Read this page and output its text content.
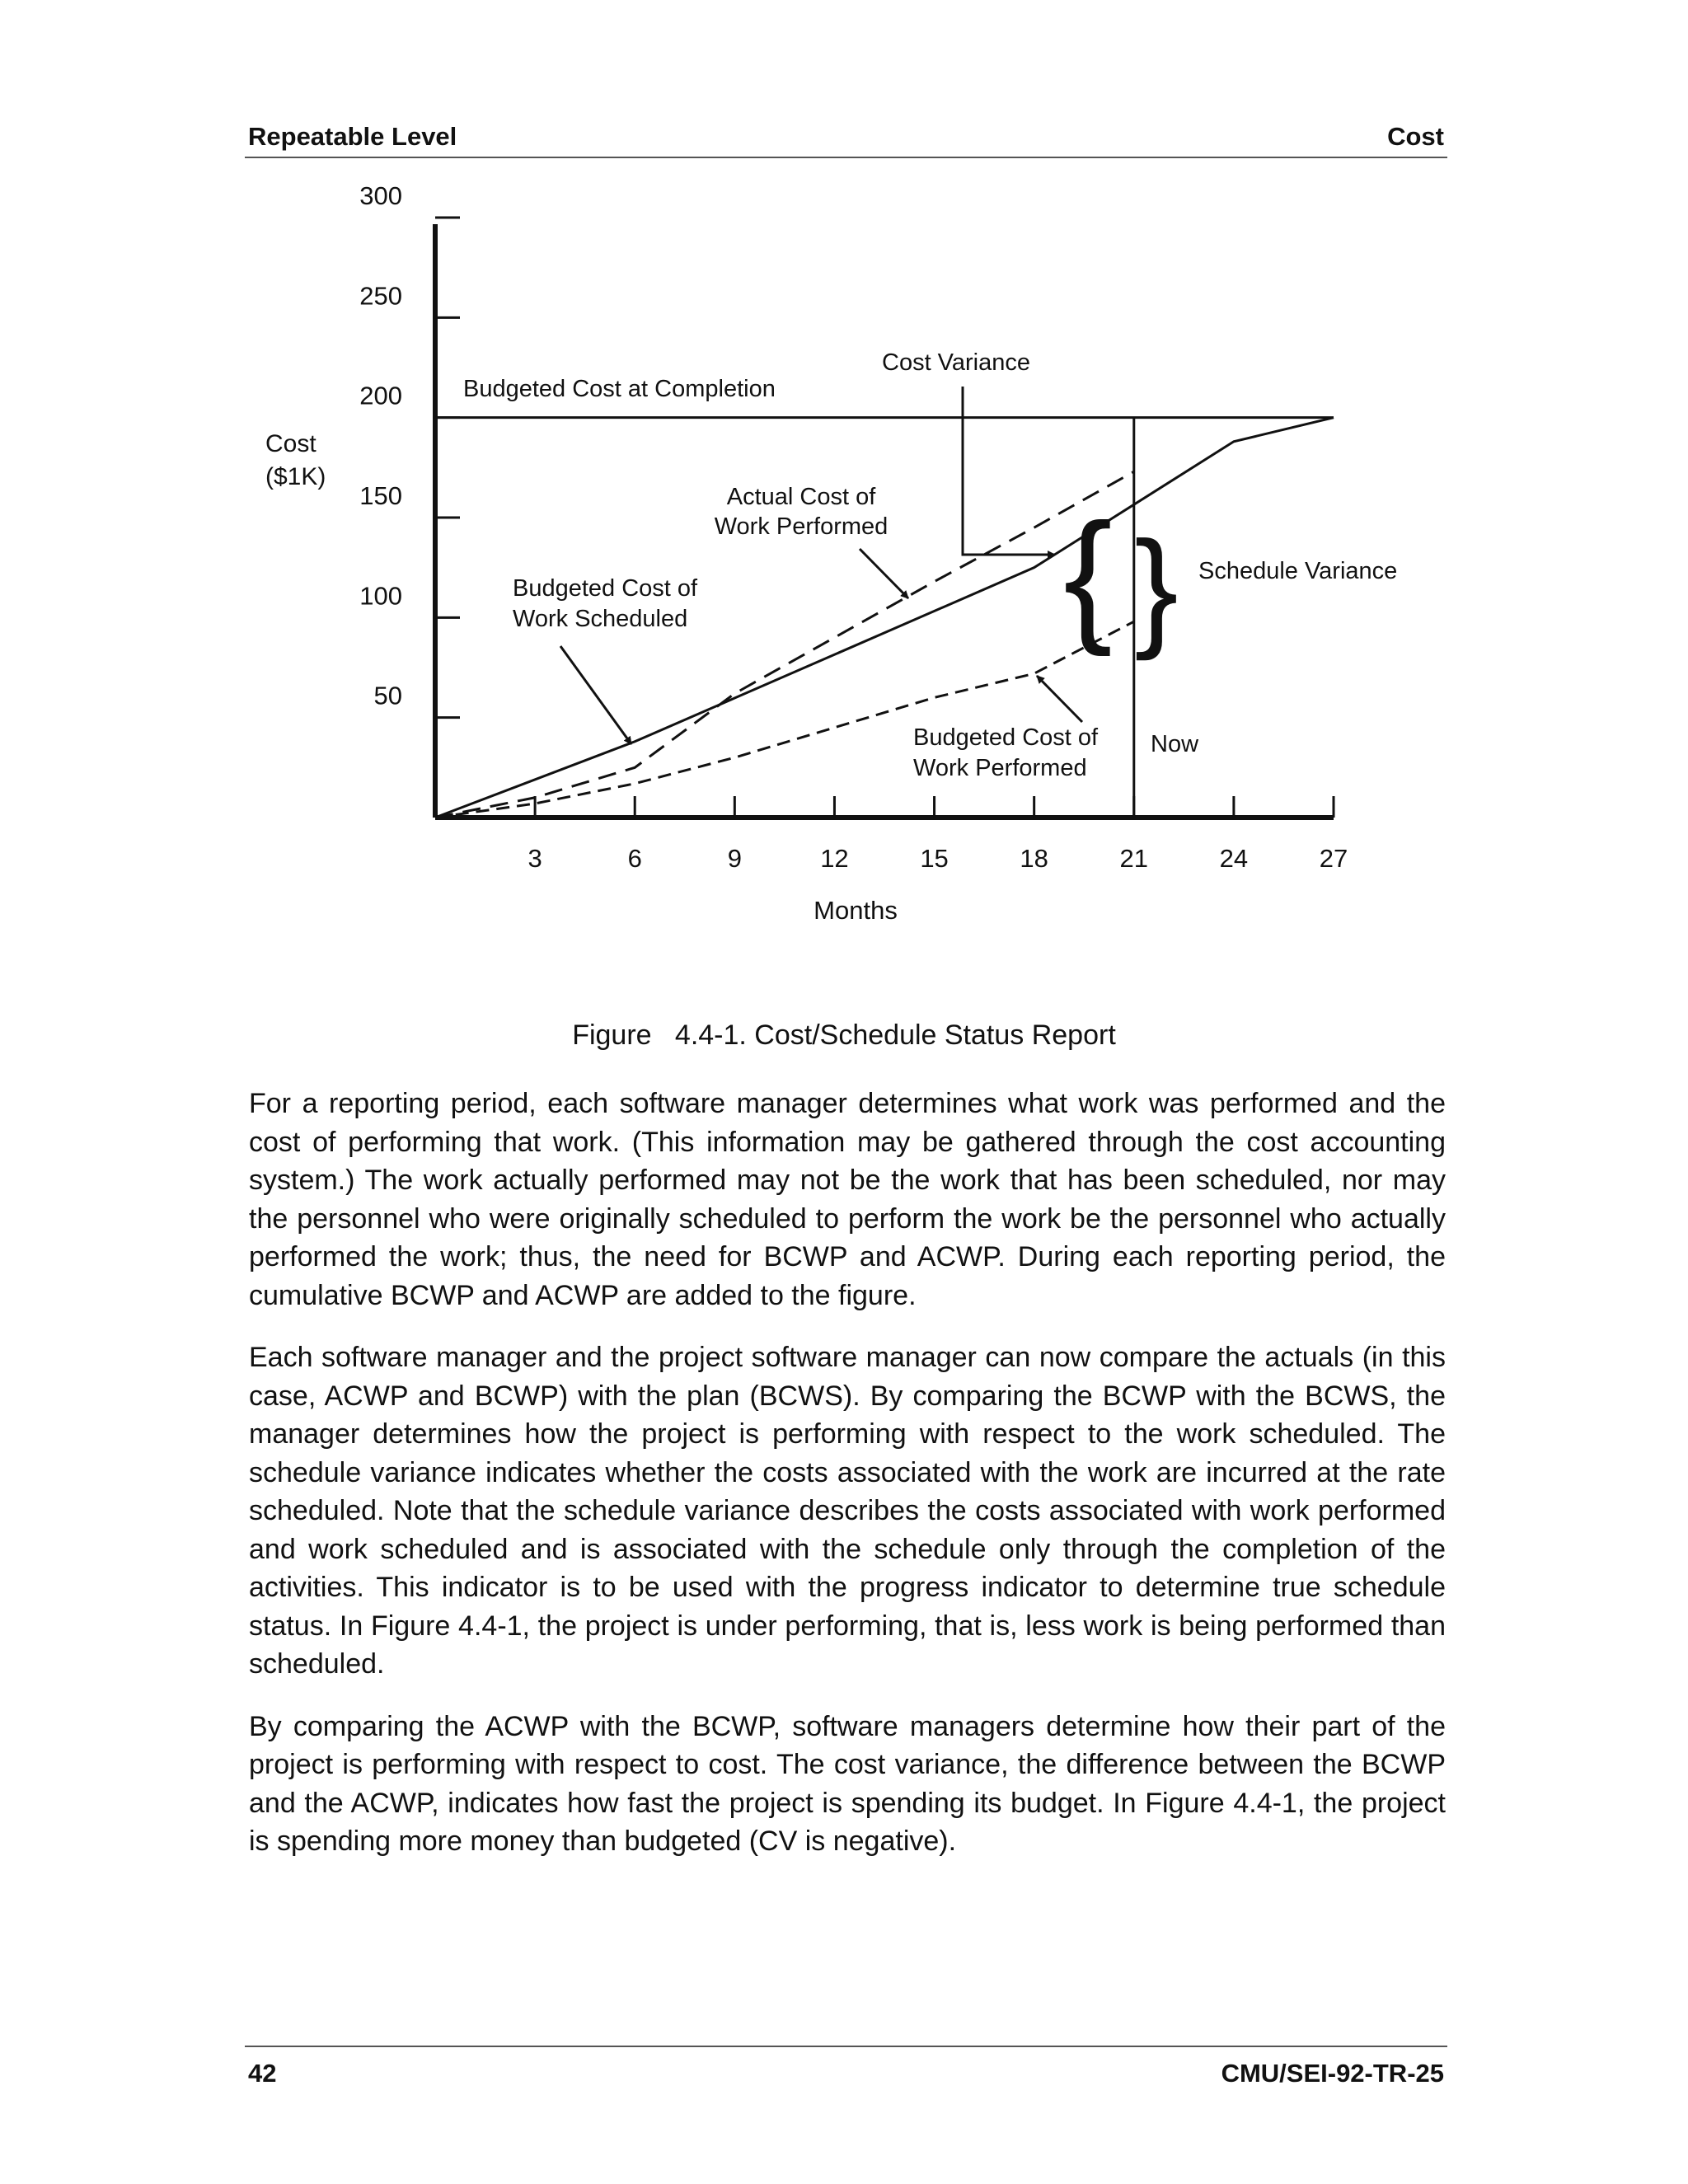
Repeatable Level	Cost
50
100
150
200
250
300
3	6	9	12	15	18	21	24	27
Cost
($1K)
Months
Now
Budgeted Cost at Completion
Cost Variance
Actual Cost of
Work Performed
Budgeted Cost of
Work Scheduled
Budgeted Cost of
Work Performed
{ } Schedule Variance
Figure   4.4-1. Cost/Schedule Status Report

For a reporting period, each software manager determines what work was performed and the cost of performing that work. (This information may be gathered through the cost accounting system.) The work actually performed may not be the work that has been scheduled, nor may the personnel who were originally scheduled to perform the work be the personnel who actually performed the work; thus, the need for BCWP and ACWP. During each reporting period, the cumulative BCWP and ACWP are added to the figure.

Each software manager and the project software manager can now compare the actuals (in this case, ACWP and BCWP) with the plan (BCWS). By comparing the BCWP with the BCWS, the manager determines how the project is performing with respect to the work scheduled. The schedule variance indicates whether the costs associated with the work are incurred at the rate scheduled. Note that the schedule variance describes the costs associated with work performed and work scheduled and is associated with the schedule only through the completion of the activities. This indicator is to be used with the progress indicator to determine true schedule status. In Figure 4.4-1, the project is under performing, that is, less work is being performed than scheduled.

By comparing the ACWP with the BCWP, software managers determine how their part of the project is performing with respect to cost. The cost variance, the difference between the BCWP and the ACWP, indicates how fast the project is spending its budget. In Figure 4.4-1, the project is spending more money than budgeted (CV is negative).

42	CMU/SEI-92-TR-25
